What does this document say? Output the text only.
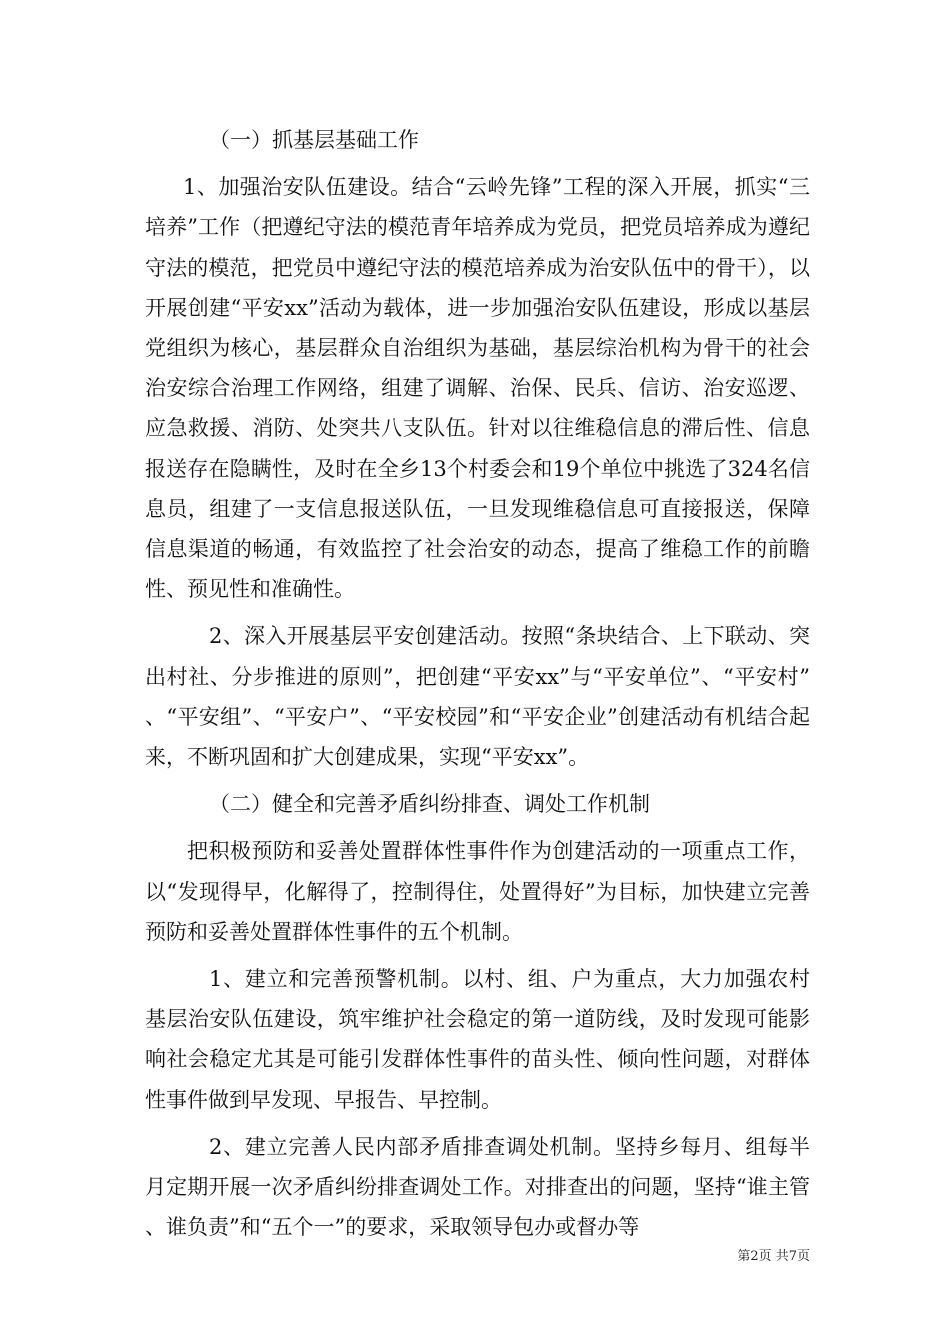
（一）抓基层基础工作

1、加强治安队伍建设。结合“云岭先锋”工程的深入开展，抓实“三培养”工作（把遵纪守法的模范青年培养成为党员，把党员培养成为遵纪守法的模范，把党员中遵纪守法的模范培养成为治安队伍中的骨干），以开展创建“平安xx”活动为载体，进一步加强治安队伍建设，形成以基层党组织为核心，基层群众自治组织为基础，基层综治机构为骨干的社会治安综合治理工作网络，组建了调解、治保、民兵、信访、治安巡逻、应急救援、消防、处突共八支队伍。针对以往维稳信息的滞后性、信息报送存在隐瞒性，及时在全乡13个村委会和19个单位中挑选了324名信息员，组建了一支信息报送队伍，一旦发现维稳信息可直接报送，保障信息渠道的畅通，有效监控了社会治安的动态，提高了维稳工作的前瞻性、预见性和准确性。

2、深入开展基层平安创建活动。按照“条块结合、上下联动、突出村社、分步推进的原则”，把创建“平安xx”与“平安单位”、“平安村”、“平安组”、“平安户”、“平安校园”和“平安企业”创建活动有机结合起来，不断巩固和扩大创建成果，实现“平安xx”。

（二）健全和完善矛盾纠纷排查、调处工作机制

把积极预防和妥善处置群体性事件作为创建活动的一项重点工作，以“发现得早，化解得了，控制得住，处置得好”为目标，加快建立完善预防和妥善处置群体性事件的五个机制。

1、建立和完善预警机制。以村、组、户为重点，大力加强农村基层治安队伍建设，筑牢维护社会稳定的第一道防线，及时发现可能影响社会稳定尤其是可能引发群体性事件的苗头性、倾向性问题，对群体性事件做到早发现、早报告、早控制。

2、建立完善人民内部矛盾排查调处机制。坚持乡每月、组每半月定期开展一次矛盾纠纷排查调处工作。对排查出的问题，坚持“谁主管、谁负责”和“五个一”的要求，采取领导包办或督办等

第2页 共7页
